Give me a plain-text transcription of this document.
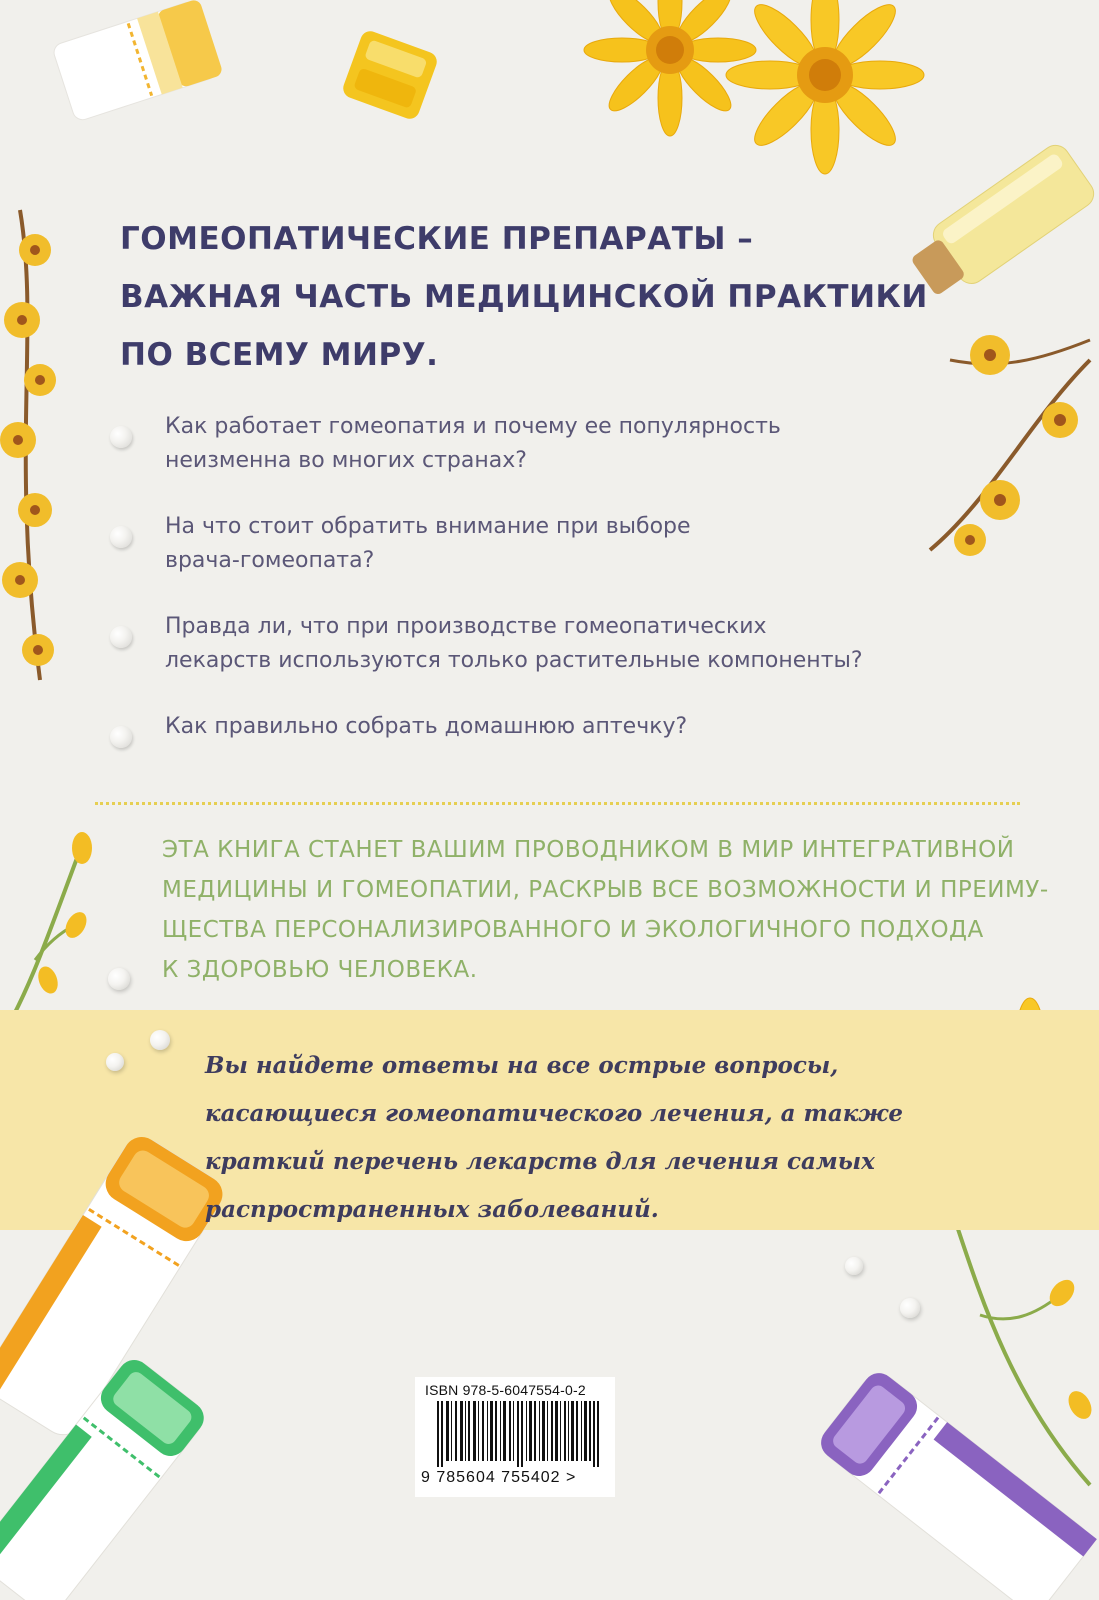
ГОМЕОПАТИЧЕСКИЕ ПРЕПАРАТЫ –
ВАЖНАЯ ЧАСТЬ МЕДИЦИНСКОЙ ПРАКТИКИ
ПО ВСЕМУ МИРУ.
Как работает гомеопатия и почему ее популярность
неизменна во многих странах?
На что стоит обратить внимание при выборе
врача-гомеопата?
Правда ли, что при производстве гомеопатических
лекарств используются только растительные компоненты?
Как правильно собрать домашнюю аптечку?

ЭТА КНИГА СТАНЕТ ВАШИМ ПРОВОДНИКОМ В МИР ИНТЕГРАТИВНОЙ
МЕДИЦИНЫ И ГОМЕОПАТИИ, РАСКРЫВ ВСЕ ВОЗМОЖНОСТИ И ПРЕИМУ-
ЩЕСТВА ПЕРСОНАЛИЗИРОВАННОГО И ЭКОЛОГИЧНОГО ПОДХОДА
К ЗДОРОВЬЮ ЧЕЛОВЕКА.

Вы найдете ответы на все острые вопросы,
касающиеся гомеопатического лечения, а также
краткий перечень лекарств для лечения самых
распространенных заболеваний.

ISBN 978-5-6047554-0-2
9 785604 755402 >
